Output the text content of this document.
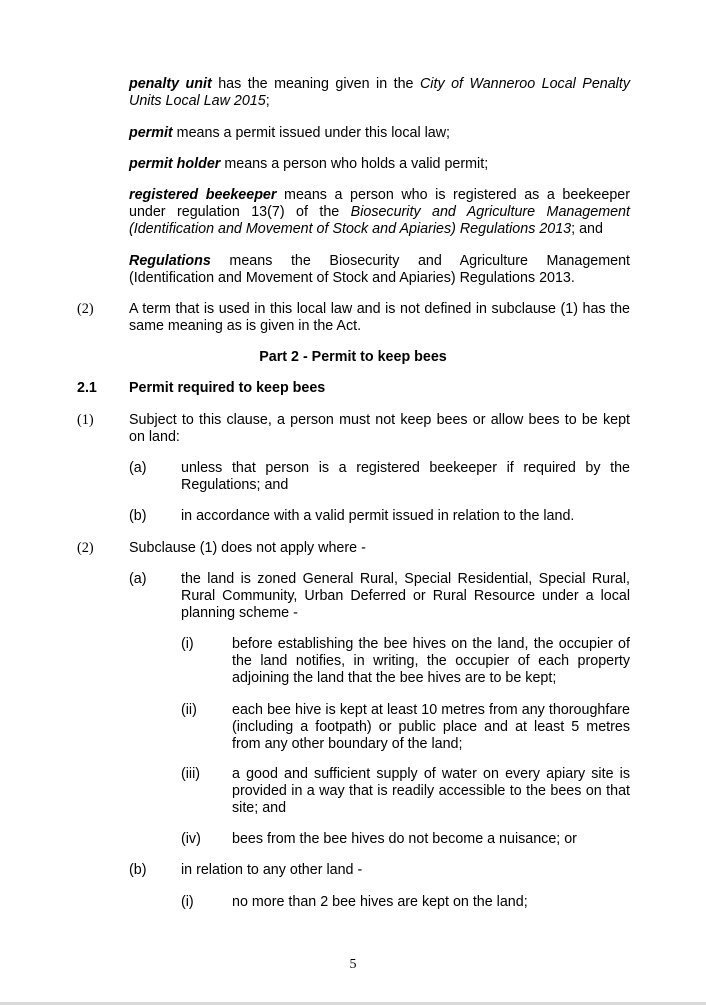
penalty unit has the meaning given in the City of Wanneroo Local Penalty Units Local Law 2015;

permit means a permit issued under this local law;

permit holder means a person who holds a valid permit;

registered beekeeper means a person who is registered as a beekeeper under regulation 13(7) of the Biosecurity and Agriculture Management (Identification and Movement of Stock and Apiaries) Regulations 2013; and

Regulations means the Biosecurity and Agriculture Management (Identification and Movement of Stock and Apiaries) Regulations 2013.

(2) A term that is used in this local law and is not defined in subclause (1) has the same meaning as is given in the Act.

Part 2 - Permit to keep bees

2.1 Permit required to keep bees

(1) Subject to this clause, a person must not keep bees or allow bees to be kept on land:

(a) unless that person is a registered beekeeper if required by the Regulations; and

(b) in accordance with a valid permit issued in relation to the land.

(2) Subclause (1) does not apply where -

(a) the land is zoned General Rural, Special Residential, Special Rural, Rural Community, Urban Deferred or Rural Resource under a local planning scheme -

(i)	before establishing the bee hives on the land, the occupier of the land notifies, in writing, the occupier of each property adjoining the land that the bee hives are to be kept;

(ii) each bee hive is kept at least 10 metres from any thoroughfare (including a footpath) or public place and at least 5 metres from any other boundary of the land;

(iii) a good and sufficient supply of water on every apiary site is provided in a way that is readily accessible to the bees on that site; and

(iv) bees from the bee hives do not become a nuisance; or

(b) in relation to any other land -

(i)	no more than 2 bee hives are kept on the land;

5
